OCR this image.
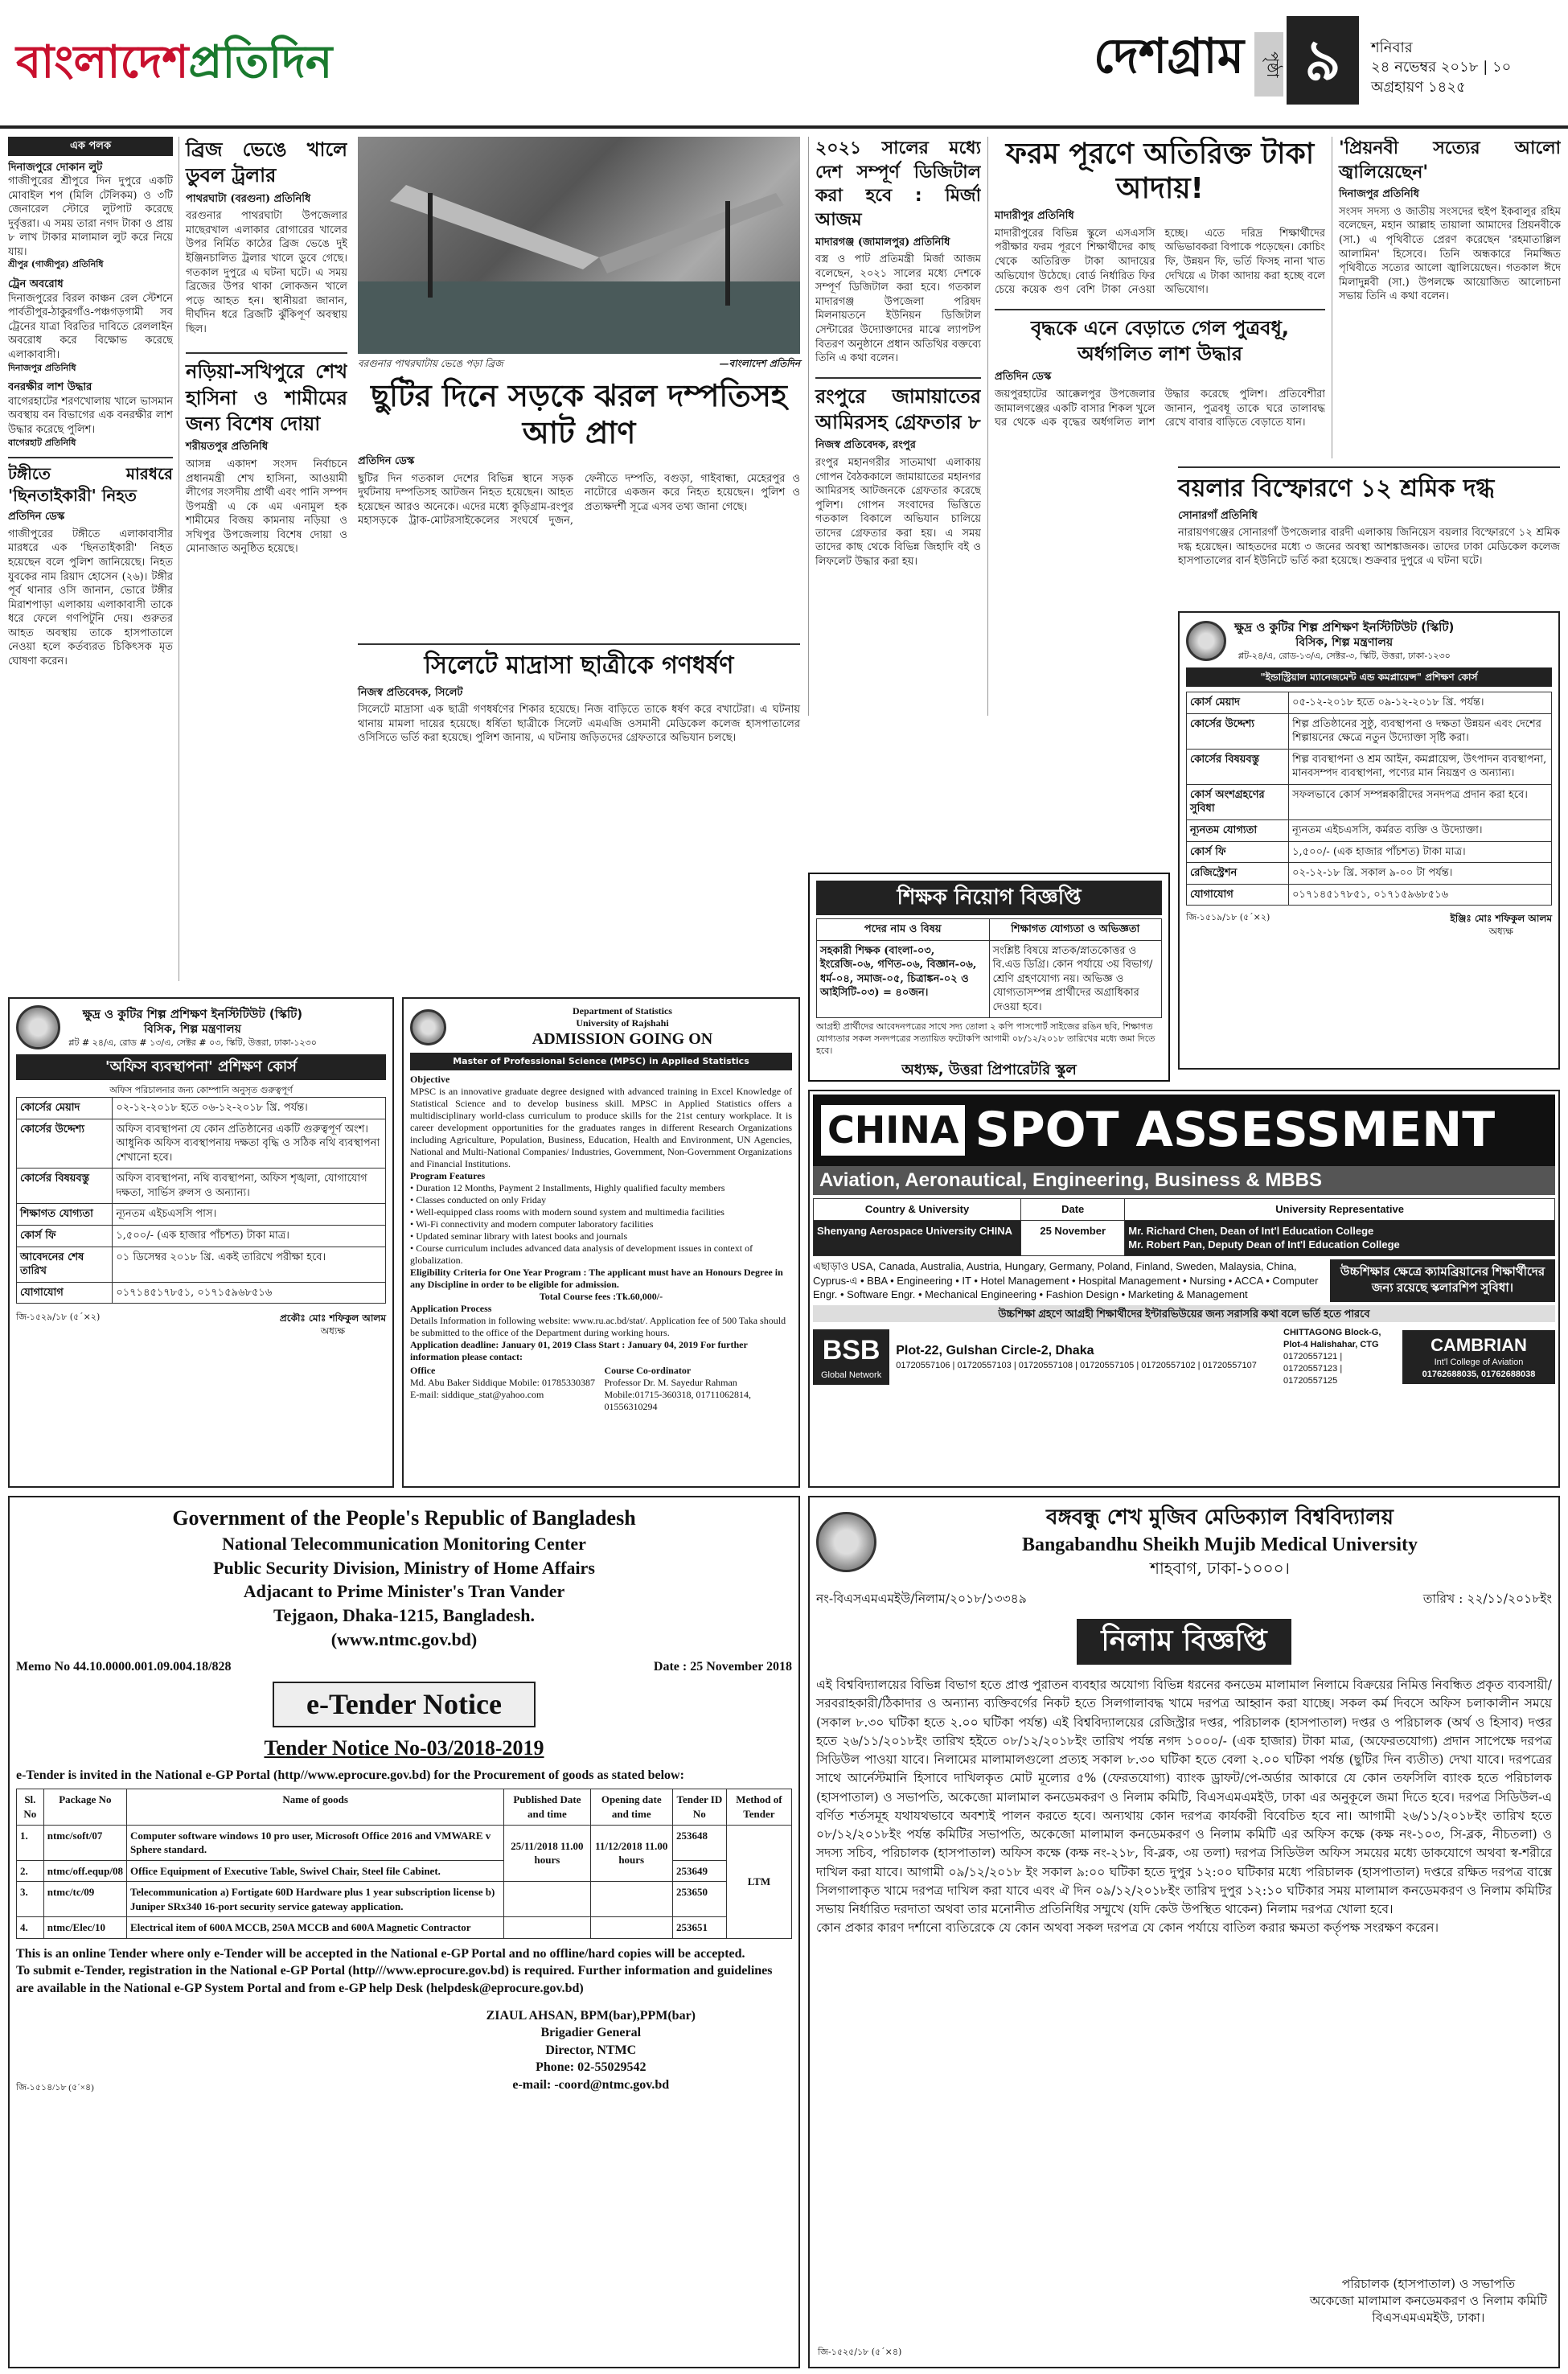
বাংলাদেশপ্রতিদিন	দেশগ্রাম	পৃষ্ঠা ৯	শনিবার
২৪ নভেম্বর ২০১৮ | ১০ অগ্রহায়ণ ১৪২৫
এক পলক
দিনাজপুরে দোকান লুট
গাজীপুরের শ্রীপুরে দিন দুপুরে একটি মোবাইল শপ (মিলি টেলিকম) ও ৩টি জেনারেল স্টোরে লুটপাট করেছে দুর্বৃত্তরা। এ সময় তারা নগদ টাকা ও প্রায় ৮ লাখ টাকার মালামাল লুট করে নিয়ে যায়।
শ্রীপুর (গাজীপুর) প্রতিনিধি
ট্রেন অবরোধ
দিনাজপুরের বিরল কাঞ্চন রেল স্টেশনে পার্বতীপুর-ঠাকুরগাঁও-পঞ্চগড়গামী সব ট্রেনের যাত্রা বিরতির দাবিতে রেললাইন অবরোধ করে বিক্ষোভ করেছে এলাকাবাসী।
দিনাজপুর প্রতিনিধি
বনরক্ষীর লাশ উদ্ধার
বাগেরহাটের শরণখোলায় খালে ভাসমান অবস্থায় বন বিভাগের এক বনরক্ষীর লাশ উদ্ধার করেছে পুলিশ।
বাগেরহাট প্রতিনিধি
টঙ্গীতে মারধরে 'ছিনতাইকারী' নিহত
প্রতিদিন ডেস্ক
গাজীপুরের টঙ্গীতে এলাকাবাসীর মারধরে এক 'ছিনতাইকারী' নিহত হয়েছেন বলে পুলিশ জানিয়েছে। নিহত যুবকের নাম রিয়াদ হোসেন (২৬)। টঙ্গীর পূর্ব থানার ওসি জানান, ভোরে টঙ্গীর মিরাশপাড়া এলাকায় এলাকাবাসী তাকে ধরে ফেলে গণপিটুনি দেয়। গুরুতর আহত অবস্থায় তাকে হাসপাতালে নেওয়া হলে কর্তব্যরত চিকিৎসক মৃত ঘোষণা করেন।
ব্রিজ ভেঙে খালে ডুবল ট্রলার
পাথরঘাটা (বরগুনা) প্রতিনিধি
বরগুনার পাথরঘাটা উপজেলার মাছেরখাল এলাকার রোগারের খালের উপর নির্মিত কাঠের ব্রিজ ভেঙে দুই ইঞ্জিনচালিত ট্রলার খালে ডুবে গেছে। গতকাল দুপুরে এ ঘটনা ঘটে। এ সময় ব্রিজের উপর থাকা লোকজন খালে পড়ে আহত হন। স্থানীয়রা জানান, দীর্ঘদিন ধরে ব্রিজটি ঝুঁকিপূর্ণ অবস্থায় ছিল।
নড়িয়া-সখিপুরে শেখ হাসিনা ও শামীমের জন্য বিশেষ দোয়া
শরীয়তপুর প্রতিনিধি
আসন্ন একাদশ সংসদ নির্বাচনে প্রধানমন্ত্রী শেখ হাসিনা, আওয়ামী লীগের সংসদীয় প্রার্থী এবং পানি সম্পদ উপমন্ত্রী এ কে এম এনামুল হক শামীমের বিজয় কামনায় নড়িয়া ও সখিপুর উপজেলায় বিশেষ দোয়া ও মোনাজাত অনুষ্ঠিত হয়েছে।
বরগুনার পাথরঘাটায় ভেঙে পড়া ব্রিজ	—বাংলাদেশ প্রতিদিন
ছুটির দিনে সড়কে ঝরল দম্পতিসহ আট প্রাণ
প্রতিদিন ডেস্ক
ছুটির দিন গতকাল দেশের বিভিন্ন স্থানে সড়ক দুর্ঘটনায় দম্পতিসহ আটজন নিহত হয়েছেন। আহত হয়েছেন আরও অনেকে। এদের মধ্যে কুড়িগ্রাম-রংপুর মহাসড়কে ট্রাক-মোটরসাইকেলের সংঘর্ষে দুজন, ফেনীতে দম্পতি, বগুড়া, গাইবান্ধা, মেহেরপুর ও নাটোরে একজন করে নিহত হয়েছেন। পুলিশ ও প্রত্যক্ষদর্শী সূত্রে এসব তথ্য জানা গেছে।
সিলেটে মাদ্রাসা ছাত্রীকে গণধর্ষণ
নিজস্ব প্রতিবেদক, সিলেট
সিলেটে মাদ্রাসা এক ছাত্রী গণধর্ষণের শিকার হয়েছে। নিজ বাড়িতে তাকে ধর্ষণ করে বখাটেরা। এ ঘটনায় থানায় মামলা দায়ের হয়েছে। ধর্ষিতা ছাত্রীকে সিলেট এমএজি ওসমানী মেডিকেল কলেজ হাসপাতালের ওসিসিতে ভর্তি করা হয়েছে। পুলিশ জানায়, এ ঘটনায় জড়িতদের গ্রেফতারে অভিযান চলছে।
২০২১ সালের মধ্যে দেশ সম্পূর্ণ ডিজিটাল করা হবে : মির্জা আজম
মাদারগঞ্জ (জামালপুর) প্রতিনিধি
বস্ত্র ও পাট প্রতিমন্ত্রী মির্জা আজম বলেছেন, ২০২১ সালের মধ্যে দেশকে সম্পূর্ণ ডিজিটাল করা হবে। গতকাল মাদারগঞ্জ উপজেলা পরিষদ মিলনায়তনে ইউনিয়ন ডিজিটাল সেন্টারের উদ্যোক্তাদের মাঝে ল্যাপটপ বিতরণ অনুষ্ঠানে প্রধান অতিথির বক্তব্যে তিনি এ কথা বলেন।
রংপুরে জামায়াতের আমিরসহ গ্রেফতার ৮
নিজস্ব প্রতিবেদক, রংপুর
রংপুর মহানগরীর সাতমাথা এলাকায় গোপন বৈঠককালে জামায়াতের মহানগর আমিরসহ আটজনকে গ্রেফতার করেছে পুলিশ। গোপন সংবাদের ভিত্তিতে গতকাল বিকালে অভিযান চালিয়ে তাদের গ্রেফতার করা হয়। এ সময় তাদের কাছ থেকে বিভিন্ন জিহাদি বই ও লিফলেট উদ্ধার করা হয়।
ফরম পূরণে অতিরিক্ত টাকা আদায়!
মাদারীপুর প্রতিনিধি
মাদারীপুরের বিভিন্ন স্কুলে এসএসসি পরীক্ষার ফরম পূরণে শিক্ষার্থীদের কাছ থেকে অতিরিক্ত টাকা আদায়ের অভিযোগ উঠেছে। বোর্ড নির্ধারিত ফির চেয়ে কয়েক গুণ বেশি টাকা নেওয়া হচ্ছে। এতে দরিদ্র শিক্ষার্থীদের অভিভাবকরা বিপাকে পড়েছেন। কোচিং ফি, উন্নয়ন ফি, ভর্তি ফিসহ নানা খাত দেখিয়ে এ টাকা আদায় করা হচ্ছে বলে অভিযোগ।
বৃদ্ধকে এনে বেড়াতে গেল পুত্রবধূ, অর্ধগলিত লাশ উদ্ধার
প্রতিদিন ডেস্ক
জয়পুরহাটের আক্কেলপুর উপজেলার জামালগঞ্জের একটি বাসার শিকল খুলে ঘর থেকে এক বৃদ্ধের অর্ধগলিত লাশ উদ্ধার করেছে পুলিশ। প্রতিবেশীরা জানান, পুত্রবধূ তাকে ঘরে তালাবদ্ধ রেখে বাবার বাড়িতে বেড়াতে যান।
'প্রিয়নবী সত্যের আলো জ্বালিয়েছেন'
দিনাজপুর প্রতিনিধি
সংসদ সদস্য ও জাতীয় সংসদের হুইপ ইকবালুর রহিম বলেছেন, মহান আল্লাহ তায়ালা আমাদের প্রিয়নবীকে (সা.) এ পৃথিবীতে প্রেরণ করেছেন 'রহমাতাল্লিল আলামিন' হিসেবে। তিনি অন্ধকারে নিমজ্জিত পৃথিবীতে সত্যের আলো জ্বালিয়েছেন। গতকাল ঈদে মিলাদুন্নবী (সা.) উপলক্ষে আয়োজিত আলোচনা সভায় তিনি এ কথা বলেন।
বয়লার বিস্ফোরণে ১২ শ্রমিক দগ্ধ
সোনারগাঁ প্রতিনিধি
নারায়ণগঞ্জের সোনারগাঁ উপজেলার বারদী এলাকায় জিনিয়েস বয়লার বিস্ফোরণে ১২ শ্রমিক দগ্ধ হয়েছেন। আহতদের মধ্যে ৩ জনের অবস্থা আশঙ্কাজনক। তাদের ঢাকা মেডিকেল কলেজ হাসপাতালের বার্ন ইউনিটে ভর্তি করা হয়েছে। শুক্রবার দুপুরে এ ঘটনা ঘটে।
ক্ষুদ্র ও কুটির শিল্প প্রশিক্ষণ ইনস্টিটিউট (স্কিটি)
বিসিক, শিল্প মন্ত্রণালয়
প্লট-২৪/এ, রোড-১৩/এ, সেক্টর-৩, স্কিটি, উত্তরা, ঢাকা-১২৩০
"ইন্ডাস্ট্রিয়াল ম্যানেজমেন্ট এন্ড কমপ্লায়েন্স" প্রশিক্ষণ কোর্স
কোর্স মেয়াদ	০৫-১২-২০১৮ হতে ০৯-১২-২০১৮ খ্রি. পর্যন্ত।
কোর্সের উদ্দেশ্য	শিল্প প্রতিষ্ঠানের সুষ্ঠু, ব্যবস্থাপনা ও দক্ষতা উন্নয়ন এবং দেশের শিল্পায়নের ক্ষেত্রে নতুন উদ্যোক্তা সৃষ্টি করা।
কোর্সের বিষয়বস্তু	শিল্প ব্যবস্থাপনা ও শ্রম আইন, কমপ্লায়েন্স, উৎপাদন ব্যবস্থাপনা, মানবসম্পদ ব্যবস্থাপনা, পণ্যের মান নিয়ন্ত্রণ ও অন্যান্য।
কোর্স অংশগ্রহণের সুবিধা	সফলভাবে কোর্স সম্পন্নকারীদের সনদপত্র প্রদান করা হবে।
ন্যূনতম যোগ্যতা	ন্যূনতম এইচএসসি, কর্মরত ব্যক্তি ও উদ্যোক্তা।
কোর্স ফি	১,৫০০/- (এক হাজার পাঁচশত) টাকা মাত্র।
রেজিস্ট্রেশন	০২-১২-১৮ খ্রি. সকাল ৯-০০ টা পর্যন্ত।
যোগাযোগ	০১৭১৪৫১৭৮৫১, ০১৭১৫৯৬৮৫১৬
জি-১৫১৯/১৮ (৫´×২)	ইঞ্জিঃ মোঃ শফিকুল আলম
অধ্যক্ষ
শিক্ষক নিয়োগ বিজ্ঞপ্তি
পদের নাম ও বিষয়	শিক্ষাগত যোগ্যতা ও অভিজ্ঞতা
সহকারী শিক্ষক (বাংলা-০৩, ইংরেজি-০৬, গণিত-০৬, বিজ্ঞান-০৬, ধর্ম-০৪, সমাজ-০৫, চিত্রাঙ্কন-০২ ও আইসিটি-০৩) = ৪০জন।	সংশ্লিষ্ট বিষয়ে স্নাতক/স্নাতকোত্তর ও বি.এড ডিগ্রি। কোন পর্যায়ে ৩য় বিভাগ/শ্রেণি গ্রহণযোগ্য নয়। অভিজ্ঞ ও যোগ্যতাসম্পন্ন প্রার্থীদের অগ্রাধিকার দেওয়া হবে।
আগ্রহী প্রার্থীদের আবেদনপত্রের সাথে সদ্য তোলা ২ কপি পাসপোর্ট সাইজের রঙিন ছবি, শিক্ষাগত যোগ্যতার সকল সনদপত্রের সত্যায়িত ফটোকপি আগামী ০৮/১২/২০১৮ তারিখের মধ্যে জমা দিতে হবে।
অধ্যক্ষ, উত্তরা প্রিপারেটরি স্কুল
ক্ষুদ্র ও কুটির শিল্প প্রশিক্ষণ ইনস্টিটিউট (স্কিটি)
বিসিক, শিল্প মন্ত্রণালয়
প্লট # ২৪/এ, রোড # ১৩/এ, সেক্টর # ০৩, স্কিটি, উত্তরা, ঢাকা-১২৩০
'অফিস ব্যবস্থাপনা' প্রশিক্ষণ কোর্স
অফিস পরিচালনার জন্য কোম্পানি অনুসৃত গুরুত্বপূর্ণ
কোর্সের মেয়াদ	০২-১২-২০১৮ হতে ০৬-১২-২০১৮ খ্রি. পর্যন্ত।
কোর্সের উদ্দেশ্য	অফিস ব্যবস্থাপনা যে কোন প্রতিষ্ঠানের একটি গুরুত্বপূর্ণ অংশ। আধুনিক অফিস ব্যবস্থাপনায় দক্ষতা বৃদ্ধি ও সঠিক নথি ব্যবস্থাপনা শেখানো হবে।
কোর্সের বিষয়বস্তু	অফিস ব্যবস্থাপনা, নথি ব্যবস্থাপনা, অফিস শৃঙ্খলা, যোগাযোগ দক্ষতা, সার্ভিস রুলস ও অন্যান্য।
শিক্ষাগত যোগ্যতা	ন্যূনতম এইচএসসি পাস।
কোর্স ফি	১,৫০০/- (এক হাজার পাঁচশত) টাকা মাত্র।
আবেদনের শেষ তারিখ	০১ ডিসেম্বর ২০১৮ খ্রি. একই তারিখে পরীক্ষা হবে।
যোগাযোগ	০১৭১৪৫১৭৮৫১, ০১৭১৫৯৬৮৫১৬
জি-১৫২৯/১৮ (৫´×২)	প্রকৌঃ মোঃ শফিকুল আলম
অধ্যক্ষ
Department of Statistics
University of Rajshahi
ADMISSION GOING ON
Master of Professional Science (MPSC) in Applied Statistics
Objective
MPSC is an innovative graduate degree designed with advanced training in Excel Knowledge of Statistical Science and to develop business skill. MPSC in Applied Statistics offers a multidisciplinary world-class curriculum to produce skills for the 21st century workplace. It is career development opportunities for the graduates ranges in different Research Organizations including Agriculture, Population, Business, Education, Health and Environment, UN Agencies, National and Multi-National Companies/ Industries, Government, Non-Government Organizations and Financial Institutions.
Program Features
• Duration 12 Months, Payment 2 Installments, Highly qualified faculty members
• Classes conducted on only Friday
• Well-equipped class rooms with modern sound system and multimedia facilities
• Wi-Fi connectivity and modern computer laboratory facilities
• Updated seminar library with latest books and journals
• Course curriculum includes advanced data analysis of development issues in context of globalization.
Eligibility Criteria for One Year Program : The applicant must have an Honours Degree in any Discipline in order to be eligible for admission.
Total Course fees :Tk.60,000/-
Application Process
Details Information in following website: www.ru.ac.bd/stat/. Application fee of 500 Taka should be submitted to the office of the Department during working hours.
Application deadline: January 01, 2019 Class Start : January 04, 2019 For further information please contact:
Office
Md. Abu Baker Siddique Mobile: 01785330387 E-mail: siddique_stat@yahoo.com
Course Co-ordinator
Professor Dr. M. Sayedur Rahman Mobile:01715-360318, 01711062814, 01556310294
CHINA SPOT ASSESSMENT
Aviation, Aeronautical, Engineering, Business & MBBS
Country & University	Date	University Representative
Shenyang Aerospace University CHINA	25 November	Mr. Richard Chen, Dean of Int'l Education College
Mr. Robert Pan, Deputy Dean of Int'l Education College
এছাড়াও USA, Canada, Australia, Austria, Hungary, Germany, Poland, Finland, Sweden, Malaysia, China, Cyprus-এ • BBA • Engineering • IT • Hotel Management • Hospital Management • Nursing • ACCA • Computer Engr. • Software Engr. • Mechanical Engineering • Fashion Design • Marketing & Management
উচ্চশিক্ষার ক্ষেত্রে ক্যামব্রিয়ানের শিক্ষার্থীদের জন্য রয়েছে স্কলারশিপ সুবিধা।
উচ্চশিক্ষা গ্রহণে আগ্রহী শিক্ষার্থীদের ইন্টারভিউয়ের জন্য সরাসরি কথা বলে ভর্তি হতে পারবে
BSB
Global Network
Plot-22, Gulshan Circle-2, Dhaka
01720557106 | 01720557103 | 01720557108 | 01720557105 | 01720557102 | 01720557107
CHITTAGONG Block-G, Plot-4 Halishahar, CTG
01720557121 | 01720557123 | 01720557125
CAMBRIAN
Int'l College of Aviation
01762688035, 01762688038
Government of the People's Republic of Bangladesh
National Telecommunication Monitoring Center
Public Security Division, Ministry of Home Affairs
Adjacant to Prime Minister's Tran Vander
Tejgaon, Dhaka-1215, Bangladesh.
(www.ntmc.gov.bd)
Memo No 44.10.0000.001.09.004.18/828	Date : 25 November 2018
e-Tender Notice
Tender Notice No-03/2018-2019
e-Tender is invited in the National e-GP Portal (http//www.eprocure.gov.bd) for the Procurement of goods as stated below:
Sl. No	Package No	Name of goods	Published Date and time	Opening date and time	Tender ID No	Method of Tender
1.	ntmc/soft/07	Computer software windows 10 pro user, Microsoft Office 2016 and VMWARE v Sphere standard.	25/11/2018 11.00 hours	11/12/2018 11.00 hours	253648	LTM
2.	ntmc/off.equp/08	Office Equipment of Executive Table, Swivel Chair, Steel file Cabinet.			253649	
3.	ntmc/tc/09	Telecommunication a) Fortigate 60D Hardware plus 1 year subscription license b) Juniper SRx340 16-port security service gateway application.			253650	
4.	ntmc/Elec/10	Electrical item of 600A MCCB, 250A MCCB and 600A Magnetic Contractor			253651	
This is an online Tender where only e-Tender will be accepted in the National e-GP Portal and no offline/hard copies will be accepted.
To submit e-Tender, registration in the National e-GP Portal (http///www.eprocure.gov.bd) is required. Further information and guidelines are available in the National e-GP System Portal and from e-GP help Desk (helpdesk@eprocure.gov.bd)
জি-১৫১৪/১৮ (৫´×৪)
ZIAUL AHSAN, BPM(bar),PPM(bar)
Brigadier General
Director, NTMC
Phone: 02-55029542
e-mail: -coord@ntmc.gov.bd
বঙ্গবন্ধু শেখ মুজিব মেডিক্যাল বিশ্ববিদ্যালয়
Bangabandhu Sheikh Mujib Medical University
শাহবাগ, ঢাকা-১০০০।
নং-বিএসএমএমইউ/নিলাম/২০১৮/১৩৩৪৯	তারিখ : ২২/১১/২০১৮ইং
নিলাম বিজ্ঞপ্তি
এই বিশ্ববিদ্যালয়ের বিভিন্ন বিভাগ হতে প্রাপ্ত পুরাতন ব্যবহার অযোগ্য বিভিন্ন ধরনের কনডেম মালামাল নিলামে বিক্রয়ের নিমিত্ত নিবন্ধিত প্রকৃত ব্যবসায়ী/সরবরাহকারী/ঠিকাদার ও অন্যান্য ব্যক্তিবর্গের নিকট হতে সিলগালাবদ্ধ খামে দরপত্র আহ্বান করা যাচ্ছে। সকল কর্ম দিবসে অফিস চলাকালীন সময়ে (সকাল ৮.৩০ ঘটিকা হতে ২.০০ ঘটিকা পর্যন্ত) এই বিশ্ববিদ্যালয়ের রেজিস্ট্রার দপ্তর, পরিচালক (হাসপাতাল) দপ্তর ও পরিচালক (অর্থ ও হিসাব) দপ্তর হতে ২৬/১১/২০১৮ইং তারিখ হইতে ০৮/১২/২০১৮ইং তারিখ পর্যন্ত নগদ ১০০০/- (এক হাজার) টাকা মাত্র, (অফেরতযোগ্য) প্রদান সাপেক্ষে দরপত্র সিডিউল পাওয়া যাবে। নিলামের মালামালগুলো প্রত্যহ সকাল ৮.৩০ ঘটিকা হতে বেলা ২.০০ ঘটিকা পর্যন্ত (ছুটির দিন ব্যতীত) দেখা যাবে। দরপত্রের সাথে আর্নেস্টমানি হিসাবে দাখিলকৃত মোট মূল্যের ৫% (ফেরতযোগ্য) ব্যাংক ড্রাফট/পে-অর্ডার আকারে যে কোন তফসিলি ব্যাংক হতে পরিচালক (হাসপাতাল) ও সভাপতি, অকেজো মালামাল কনডেমকরণ ও নিলাম কমিটি, বিএসএমএমইউ, ঢাকা এর অনুকূলে জমা দিতে হবে। দরপত্র সিডিউল-এ বর্ণিত শর্তসমূহ যথাযথভাবে অবশ্যই পালন করতে হবে। অন্যথায় কোন দরপত্র কার্যকরী বিবেচিত হবে না। আগামী ২৬/১১/২০১৮ইং তারিখ হতে ০৮/১২/২০১৮ইং পর্যন্ত কমিটির সভাপতি, অকেজো মালামাল কনডেমকরণ ও নিলাম কমিটি এর অফিস কক্ষে (কক্ষ নং-১০৩, সি-ব্লক, নীচতলা) ও সদস্য সচিব, পরিচালক (হাসপাতাল) অফিস কক্ষে (কক্ষ নং-২১৮, বি-ব্লক, ৩য় তলা) দরপত্র সিডিউল অফিস সময়ের মধ্যে ডাকযোগে অথবা স্ব-শরীরে দাখিল করা যাবে। আগামী ০৯/১২/২০১৮ ইং সকাল ৯:০০ ঘটিকা হতে দুপুর ১২:০০ ঘটিকার মধ্যে পরিচালক (হাসপাতাল) দপ্তরে রক্ষিত দরপত্র বাক্সে সিলগালাকৃত খামে দরপত্র দাখিল করা যাবে এবং ঐ দিন ০৯/১২/২০১৮ইং তারিখ দুপুর ১২:১০ ঘটিকার সময় মালামাল কনডেমকরণ ও নিলাম কমিটির সভায় নির্ধারিত দরদাতা অথবা তার মনোনীত প্রতিনিধির সম্মুখে (যদি কেউ উপস্থিত থাকেন) নিলাম দরপত্র খোলা হবে।
কোন প্রকার কারণ দর্শানো ব্যতিরেকে যে কোন অথবা সকল দরপত্র যে কোন পর্যায়ে বাতিল করার ক্ষমতা কর্তৃপক্ষ সংরক্ষণ করেন।
পরিচালক (হাসপাতাল) ও সভাপতি
অকেজো মালামাল কনডেমকরণ ও নিলাম কমিটি
বিএসএমএমইউ, ঢাকা।
জি-১৫২৫/১৮ (৫´×৪)
